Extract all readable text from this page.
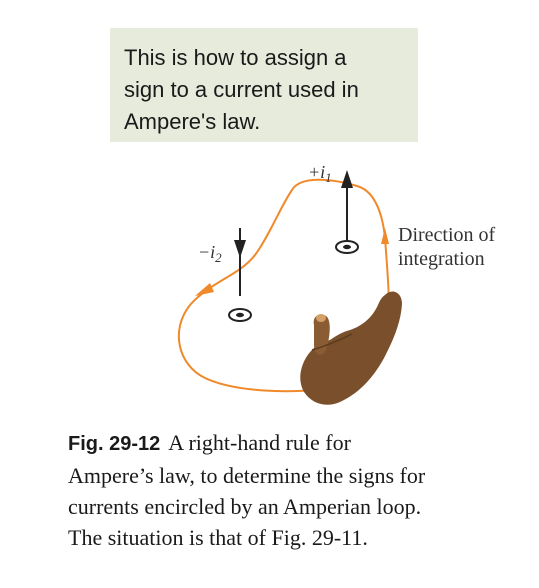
This is how to assign a
sign to a current used in
Ampere's law.
$+i_1$
$-i_2$
Direction of
integration
Fig. 29-12 A right-hand rule for
Ampere’s law, to determine the signs for
currents encircled by an Amperian loop.
The situation is that of Fig. 29-11.
